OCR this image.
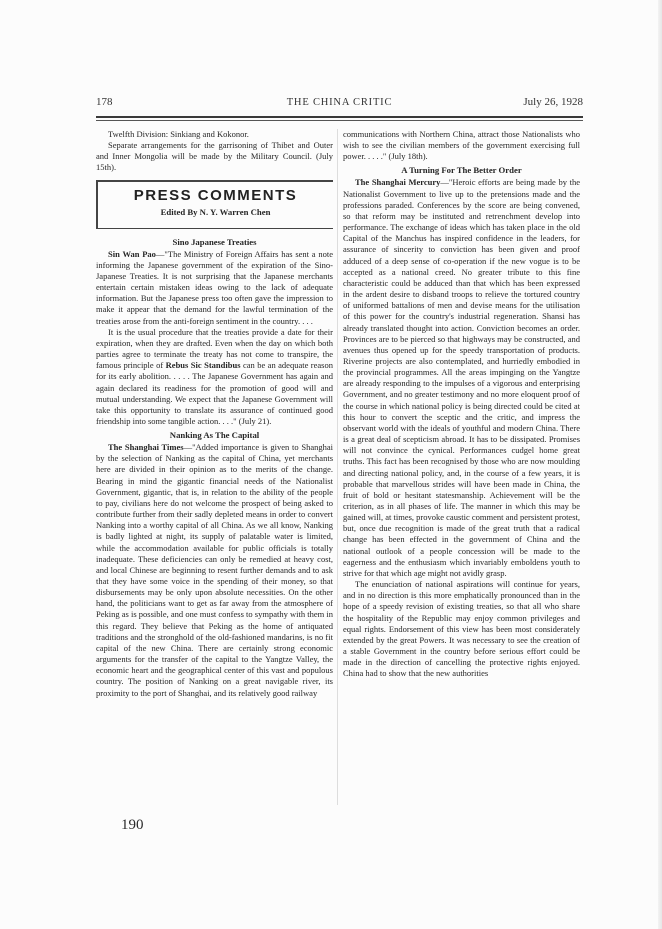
178	THE CHINA CRITIC	July 26, 1928

Twelfth Division: Sinkiang and Kokonor.

Separate arrangements for the garrisoning of Thibet and Outer and Inner Mongolia will be made by the Military Council. (July 15th).

PRESS COMMENTS
Edited By N. Y. Warren Chen
Sino Japanese Treaties

Sin Wan Pao—"The Ministry of Foreign Affairs has sent a note informing the Japanese government of the expiration of the Sino-Japanese Treaties. It is not surprising that the Japanese merchants entertain certain mistaken ideas owing to the lack of adequate information. But the Japanese press too often gave the impression to make it appear that the demand for the lawful termination of the treaties arose from the anti-foreign sentiment in the country. . . .

It is the usual procedure that the treaties provide a date for their expiration, when they are drafted. Even when the day on which both parties agree to terminate the treaty has not come to transpire, the famous principle of Rebus Sic Standibus can be an adequate reason for its early abolition. . . . . The Japanese Government has again and again declared its readiness for the promotion of good will and mutual understanding. We expect that the Japanese Government will take this opportunity to translate its assurance of continued good friendship into some tangible action. . . ." (July 21).

Nanking As The Capital

The Shanghai Times—"Added importance is given to Shanghai by the selection of Nanking as the capital of China, yet merchants here are divided in their opinion as to the merits of the change. Bearing in mind the gigantic financial needs of the Nationalist Government, gigantic, that is, in relation to the ability of the people to pay, civilians here do not welcome the prospect of being asked to contribute further from their sadly depleted means in order to convert Nanking into a worthy capital of all China. As we all know, Nanking is badly lighted at night, its supply of palatable water is limited, while the accommodation available for public officials is totally inadequate. These deficiencies can only be remedied at heavy cost, and local Chinese are beginning to resent further demands and to ask that they have some voice in the spending of their money, so that disbursements may be only upon absolute necessities. On the other hand, the politicians want to get as far away from the atmosphere of Peking as is possible, and one must confess to sympathy with them in this regard. They believe that Peking as the home of antiquated traditions and the stronghold of the old-fashioned mandarins, is no fit capital of the new China. There are certainly strong economic arguments for the transfer of the capital to the Yangtze Valley, the economic heart and the geographical center of this vast and populous country. The position of Nanking on a great navigable river, its proximity to the port of Shanghai, and its relatively good railway

communications with Northern China, attract those Nationalists who wish to see the civilian members of the government exercising full power. . . . ." (July 18th).

A Turning For The Better Order

The Shanghai Mercury—"Heroic efforts are being made by the Nationalist Government to live up to the pretensions made and the professions paraded. Conferences by the score are being convened, so that reform may be instituted and retrenchment develop into performance. The exchange of ideas which has taken place in the old Capital of the Manchus has inspired confidence in the leaders, for assurance of sincerity to conviction has been given and proof adduced of a deep sense of co-operation if the new vogue is to be accepted as a national creed. No greater tribute to this fine characteristic could be adduced than that which has been expressed in the ardent desire to disband troops to relieve the tortured country of uniformed battalions of men and devise means for the utilisation of this power for the country's industrial regeneration. Shansi has already translated thought into action. Conviction becomes an order. Provinces are to be pierced so that highways may be constructed, and avenues thus opened up for the speedy transportation of products. Riverine projects are also contemplated, and hurriedly embodied in the provincial programmes. All the areas impinging on the Yangtze are already responding to the impulses of a vigorous and enterprising Government, and no greater testimony and no more eloquent proof of the course in which national policy is being directed could be cited at this hour to convert the sceptic and the critic, and impress the observant world with the ideals of youthful and modern China. There is a great deal of scepticism abroad. It has to be dissipated. Promises will not convince the cynical. Performances cudgel home great truths. This fact has been recognised by those who are now moulding and directing national policy, and, in the course of a few years, it is probable that marvellous strides will have been made in China, the fruit of bold or hesitant statesmanship. Achievement will be the criterion, as in all phases of life. The manner in which this may be gained will, at times, provoke caustic comment and persistent protest, but, once due recognition is made of the great truth that a radical change has been effected in the government of China and the national outlook of a people concession will be made to the eagerness and the enthusiasm which invariably emboldens youth to strive for that which age might not avidly grasp.

The enunciation of national aspirations will continue for years, and in no direction is this more emphatically pronounced than in the hope of a speedy revision of existing treaties, so that all who share the hospitality of the Republic may enjoy common privileges and equal rights. Endorsement of this view has been most considerately extended by the great Powers. It was necessary to see the creation of a stable Government in the country before serious effort could be made in the direction of cancelling the protective rights enjoyed. China had to show that the new authorities

190
